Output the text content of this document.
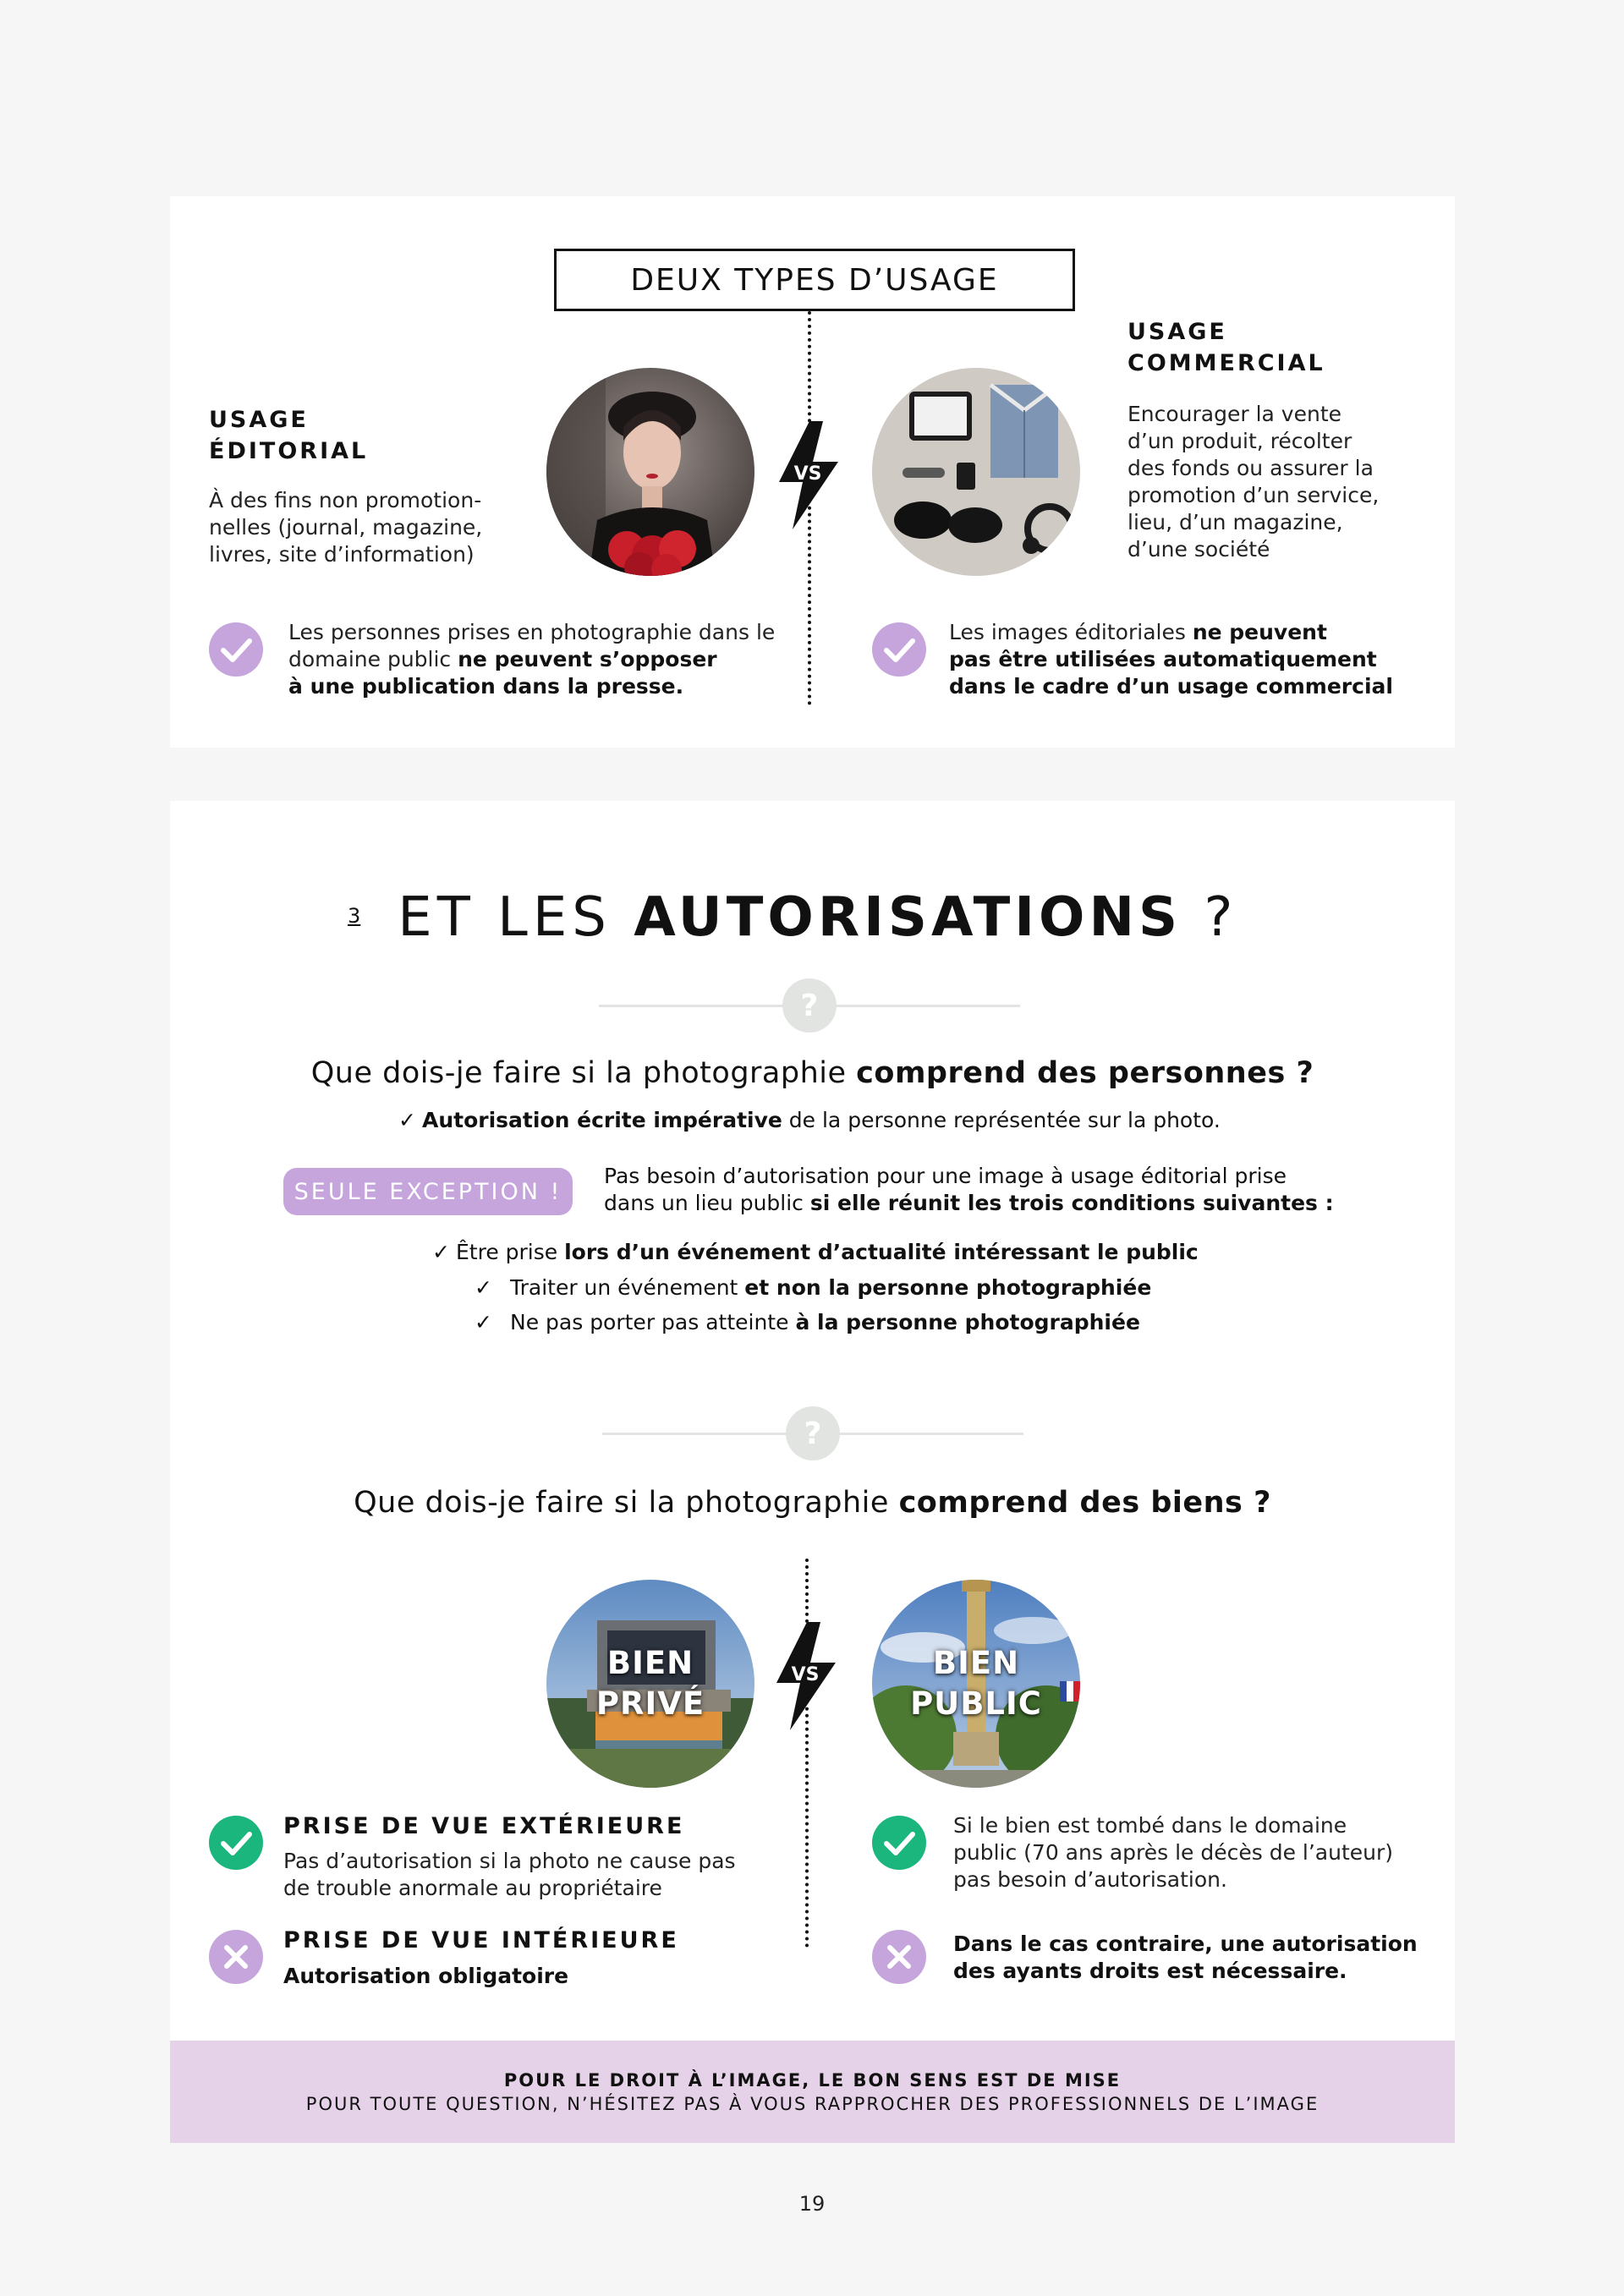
DEUX TYPES D’USAGE
USAGE
ÉDITORIAL
À des fins non promotion-
nelles (journal, magazine,
livres, site d’information)
VS
USAGE
COMMERCIAL
Encourager la vente
d’un produit, récolter
des fonds ou assurer la
promotion d’un service,
lieu, d’un magazine,
d’une société
Les personnes prises en photographie dans le domaine public ne peuvent s’opposer
à une publication dans la presse.
Les images éditoriales ne peuvent
pas être utilisées automatiquement
dans le cadre d’un usage commercial
3 ET LES AUTORISATIONS ?
?
Que dois-je faire si la photographie comprend des personnes ?
✓ Autorisation écrite impérative de la personne représentée sur la photo.
SEULE EXCEPTION !
Pas besoin d’autorisation pour une image à usage éditorial prise
dans un lieu public si elle réunit les trois conditions suivantes :
✓ Être prise lors d’un événement d’actualité intéressant le public
✓ Traiter un événement et non la personne photographiée
✓ Ne pas porter pas atteinte à la personne photographiée
?
Que dois-je faire si la photographie comprend des biens ?
BIEN
PRIVÉ
VS	BIEN
PUBLIC
PRISE DE VUE EXTÉRIEURE
Pas d’autorisation si la photo ne cause pas
de trouble anormale au propriétaire
PRISE DE VUE INTÉRIEURE
Autorisation obligatoire
Si le bien est tombé dans le domaine
public (70 ans après le décès de l’auteur)
pas besoin d’autorisation.
Dans le cas contraire, une autorisation
des ayants droits est nécessaire.
POUR LE DROIT À L’IMAGE, LE BON SENS EST DE MISE
POUR TOUTE QUESTION, N’HÉSITEZ PAS À VOUS RAPPROCHER DES PROFESSIONNELS DE L’IMAGE
19
